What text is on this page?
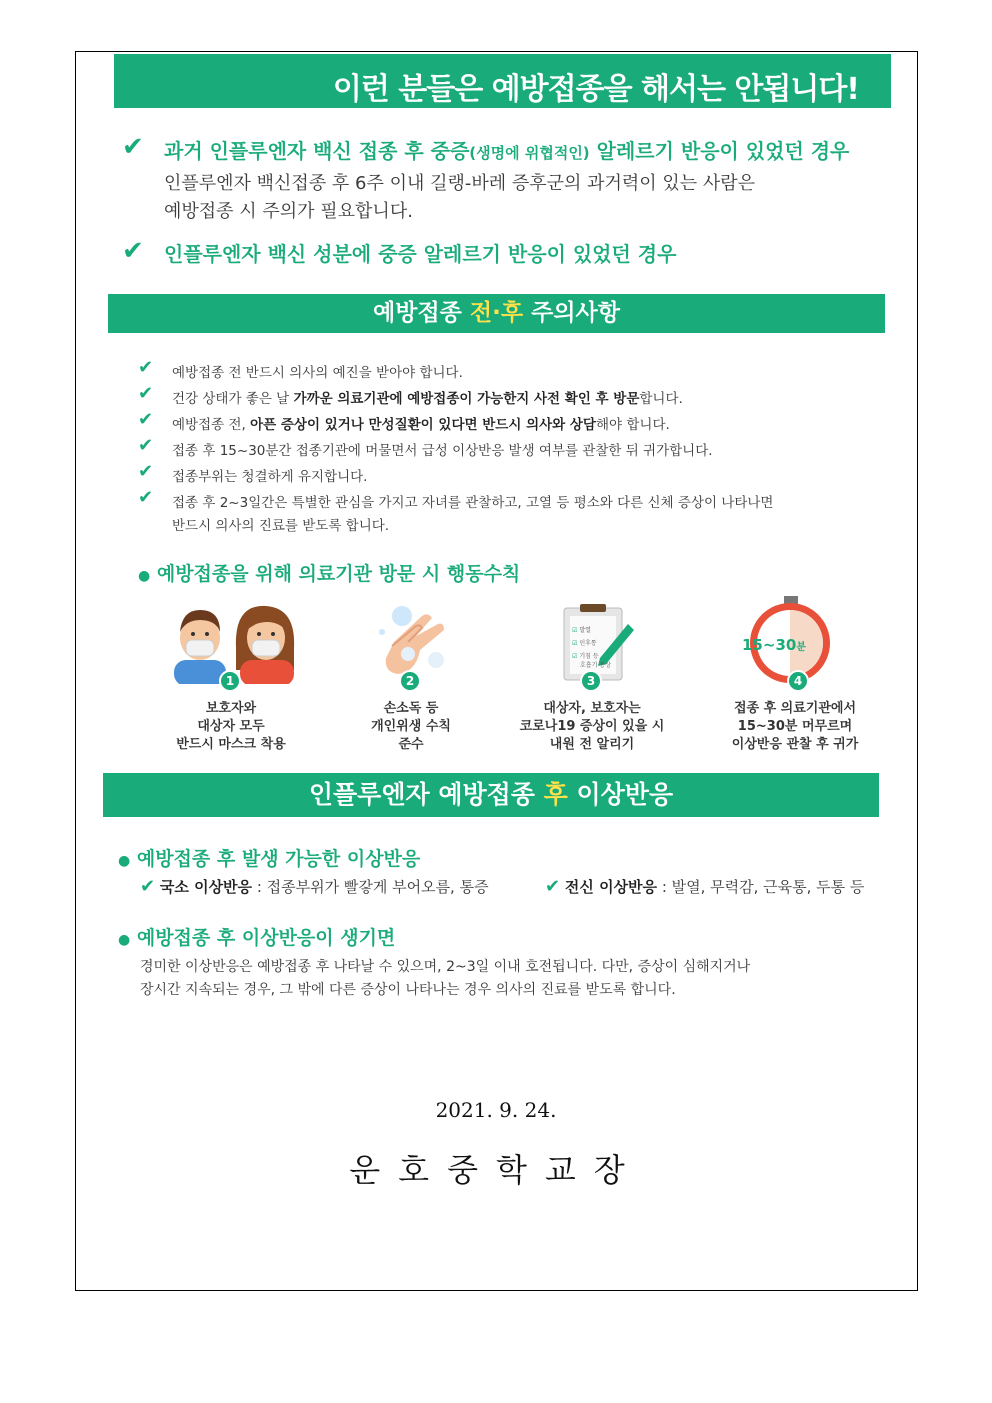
이런 분들은 예방접종을 해서는 안됩니다!
✔ 과거 인플루엔자 백신 접종 후 중증(생명에 위협적인) 알레르기 반응이 있었던 경우
인플루엔자 백신접종 후 6주 이내 길랭-바레 증후군의 과거력이 있는 사람은
예방접종 시 주의가 필요합니다.
✔ 인플루엔자 백신 성분에 중증 알레르기 반응이 있었던 경우
예방접종 전·후 주의사항
✔ 예방접종 전 반드시 의사의 예진을 받아야 합니다.
✔ 건강 상태가 좋은 날 가까운 의료기관에 예방접종이 가능한지 사전 확인 후 방문합니다.
✔ 예방접종 전, 아픈 증상이 있거나 만성질환이 있다면 반드시 의사와 상담해야 합니다.
✔ 접종 후 15~30분간 접종기관에 머물면서 급성 이상반응 발생 여부를 관찰한 뒤 귀가합니다.
✔ 접종부위는 청결하게 유지합니다.
✔ 접종 후 2~3일간은 특별한 관심을 가지고 자녀를 관찰하고, 고열 등 평소와 다른 신체 증상이 나타나면
반드시 의사의 진료를 받도록 합니다.
● 예방접종을 위해 의료기관 방문 시 행동수칙
1
보호자와
대상자 모두
반드시 마스크 착용
2
손소독 등
개인위생 수칙
준수
☑ 발열
☑ 인후통
☑ 기침 등
호흡기 증상
3
대상자, 보호자는
코로나19 증상이 있을 시
내원 전 알리기
15~30분
4
접종 후 의료기관에서
15~30분 머무르며
이상반응 관찰 후 귀가
인플루엔자 예방접종 후 이상반응
● 예방접종 후 발생 가능한 이상반응
✔ 국소 이상반응 : 접종부위가 빨갛게 부어오름, 통증	✔ 전신 이상반응 : 발열, 무력감, 근육통, 두통 등
● 예방접종 후 이상반응이 생기면
경미한 이상반응은 예방접종 후 나타날 수 있으며, 2~3일 이내 호전됩니다. 다만, 증상이 심해지거나
장시간 지속되는 경우, 그 밖에 다른 증상이 나타나는 경우 의사의 진료를 받도록 합니다.
2021. 9. 24.
운호중학교장
